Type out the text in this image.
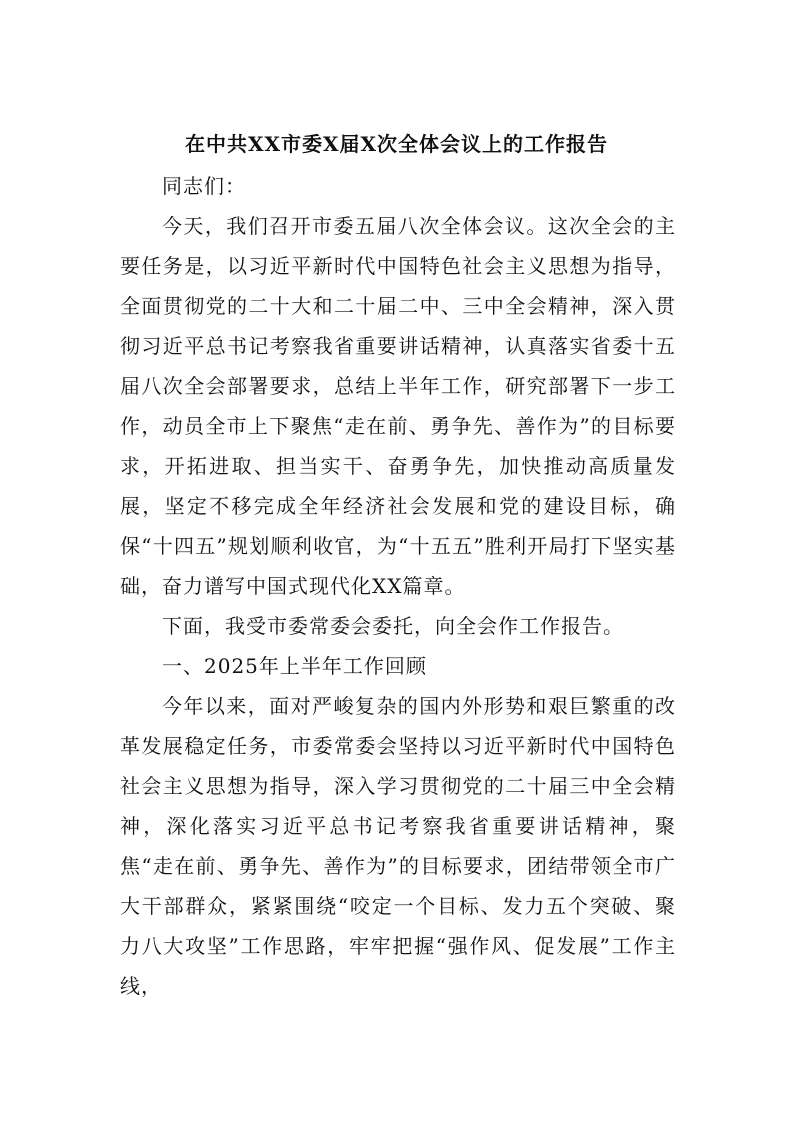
在中共XX市委X届X次全体会议上的工作报告

同志们：

今天，我们召开市委五届八次全体会议。这次全会的主要任务是，以习近平新时代中国特色社会主义思想为指导，全面贯彻党的二十大和二十届二中、三中全会精神，深入贯彻习近平总书记考察我省重要讲话精神，认真落实省委十五届八次全会部署要求，总结上半年工作，研究部署下一步工作，动员全市上下聚焦“走在前、勇争先、善作为”的目标要求，开拓进取、担当实干、奋勇争先，加快推动高质量发展，坚定不移完成全年经济社会发展和党的建设目标，确保“十四五”规划顺利收官，为“十五五”胜利开局打下坚实基础，奋力谱写中国式现代化XX篇章。

下面，我受市委常委会委托，向全会作工作报告。

一、2025年上半年工作回顾

今年以来，面对严峻复杂的国内外形势和艰巨繁重的改革发展稳定任务，市委常委会坚持以习近平新时代中国特色社会主义思想为指导，深入学习贯彻党的二十届三中全会精神，深化落实习近平总书记考察我省重要讲话精神，聚焦“走在前、勇争先、善作为”的目标要求，团结带领全市广大干部群众，紧紧围绕“咬定一个目标、发力五个突破、聚力八大攻坚”工作思路，牢牢把握“强作风、促发展”工作主线，
